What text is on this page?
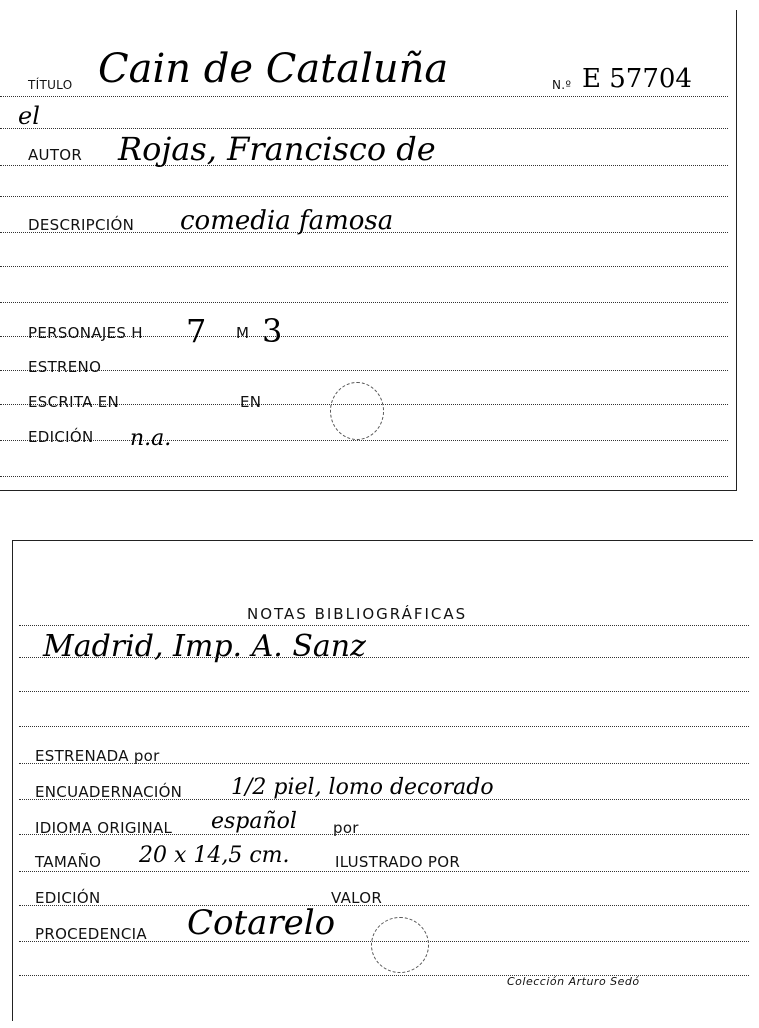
TÍTULO Cain de Cataluña	N.º E 57704
el
AUTOR Rojas, Francisco de
DESCRIPCIÓN comedia famosa
PERSONAJES H 7 M 3
ESTRENO
ESCRITA EN	EN
EDICIÓN n.a.
NOTAS BIBLIOGRÁFICAS
Madrid, Imp. A. Sanz
ESTRENADA por
ENCUADERNACIÓN 1/2 piel, lomo decorado
IDIOMA ORIGINAL español por
TAMAÑO 20 x 14,5 cm.	ILUSTRADO POR
EDICIÓN	VALOR
PROCEDENCIA Cotarelo
Colección Arturo Sedó
